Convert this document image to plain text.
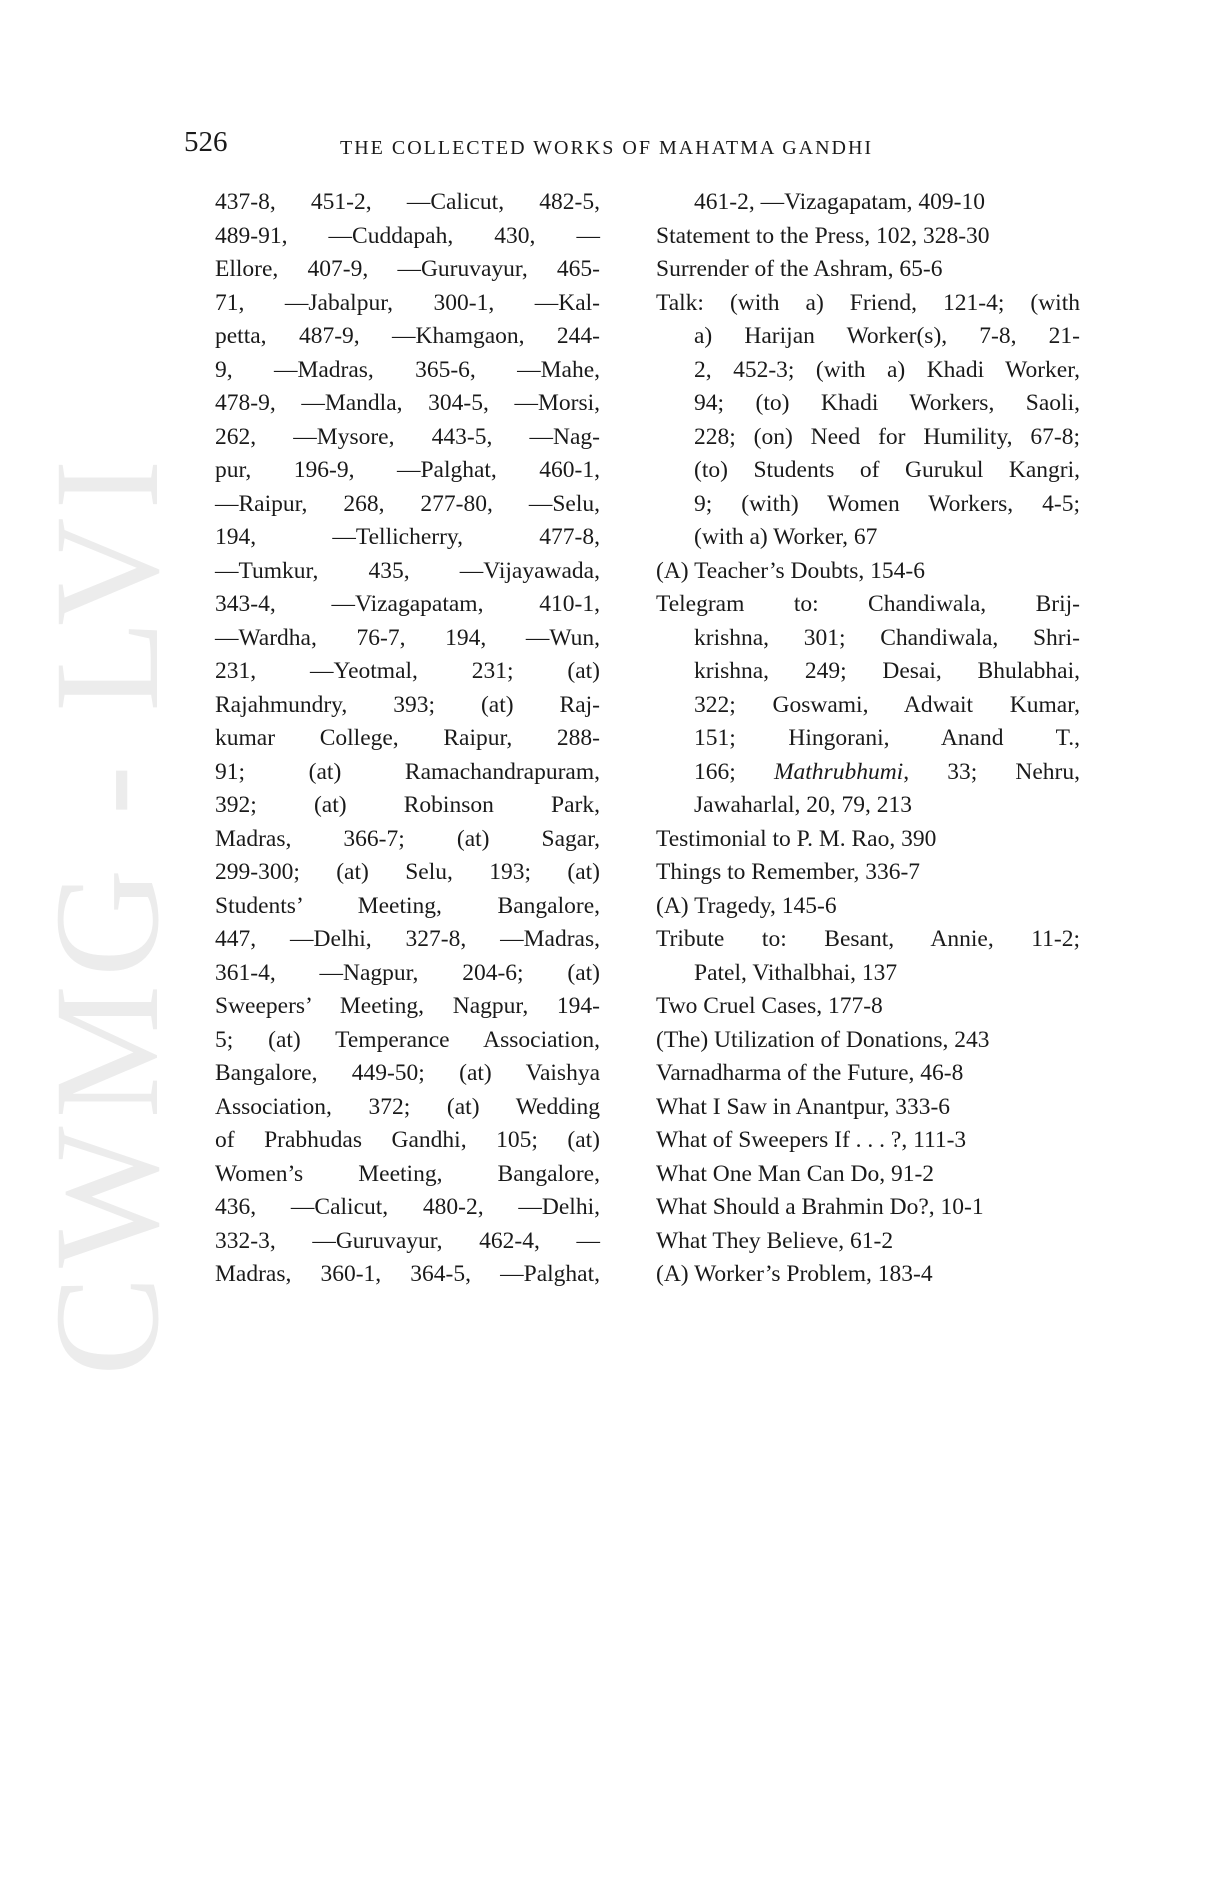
CWMG - LVI
526	THE COLLECTED WORKS OF MAHATMA GANDHI
437-8, 451-2, —Calicut, 482-5,
489-91, —Cuddapah, 430, —
Ellore, 407-9, —Guruvayur, 465-
71, —Jabalpur, 300-1, —Kal-
petta, 487-9, —Khamgaon, 244-
9, —Madras, 365-6, —Mahe,
478-9, —Mandla, 304-5, —Morsi,
262, —Mysore, 443-5, —Nag-
pur, 196-9, —Palghat, 460-1,
—Raipur, 268, 277-80, —Selu,
194, —Tellicherry, 477-8,
—Tumkur, 435, —Vijayawada,
343-4, —Vizagapatam, 410-1,
—Wardha, 76-7, 194, —Wun,
231, —Yeotmal, 231; (at)
Rajahmundry, 393; (at) Raj-
kumar College, Raipur, 288-
91; (at) Ramachandrapuram,
392; (at) Robinson Park,
Madras, 366-7; (at) Sagar,
299-300; (at) Selu, 193; (at)
Students’ Meeting, Bangalore,
447, —Delhi, 327-8, —Madras,
361-4, —Nagpur, 204-6; (at)
Sweepers’ Meeting, Nagpur, 194-
5; (at) Temperance Association,
Bangalore, 449-50; (at) Vaishya
Association, 372; (at) Wedding
of Prabhudas Gandhi, 105; (at)
Women’s Meeting, Bangalore,
436, —Calicut, 480-2, —Delhi,
332-3, —Guruvayur, 462-4, —
Madras, 360-1, 364-5, —Palghat,
461-2, —Vizagapatam, 409-10
Statement to the Press, 102, 328-30
Surrender of the Ashram, 65-6
Talk: (with a) Friend, 121-4; (with
a) Harijan Worker(s), 7-8, 21-
2, 452-3; (with a) Khadi Worker,
94; (to) Khadi Workers, Saoli,
228; (on) Need for Humility, 67-8;
(to) Students of Gurukul Kangri,
9; (with) Women Workers, 4-5;
(with a) Worker, 67
(A) Teacher’s Doubts, 154-6
Telegram to: Chandiwala, Brij-
krishna, 301; Chandiwala, Shri-
krishna, 249; Desai, Bhulabhai,
322; Goswami, Adwait Kumar,
151; Hingorani, Anand T.,
166; Mathrubhumi, 33; Nehru,
Jawaharlal, 20, 79, 213
Testimonial to P. M. Rao, 390
Things to Remember, 336-7
(A) Tragedy, 145-6
Tribute to: Besant, Annie, 11-2;
Patel, Vithalbhai, 137
Two Cruel Cases, 177-8
(The) Utilization of Donations, 243
Varnadharma of the Future, 46-8
What I Saw in Anantpur, 333-6
What of Sweepers If . . . ?, 111-3
What One Man Can Do, 91-2
What Should a Brahmin Do?, 10-1
What They Believe, 61-2
(A) Worker’s Problem, 183-4
